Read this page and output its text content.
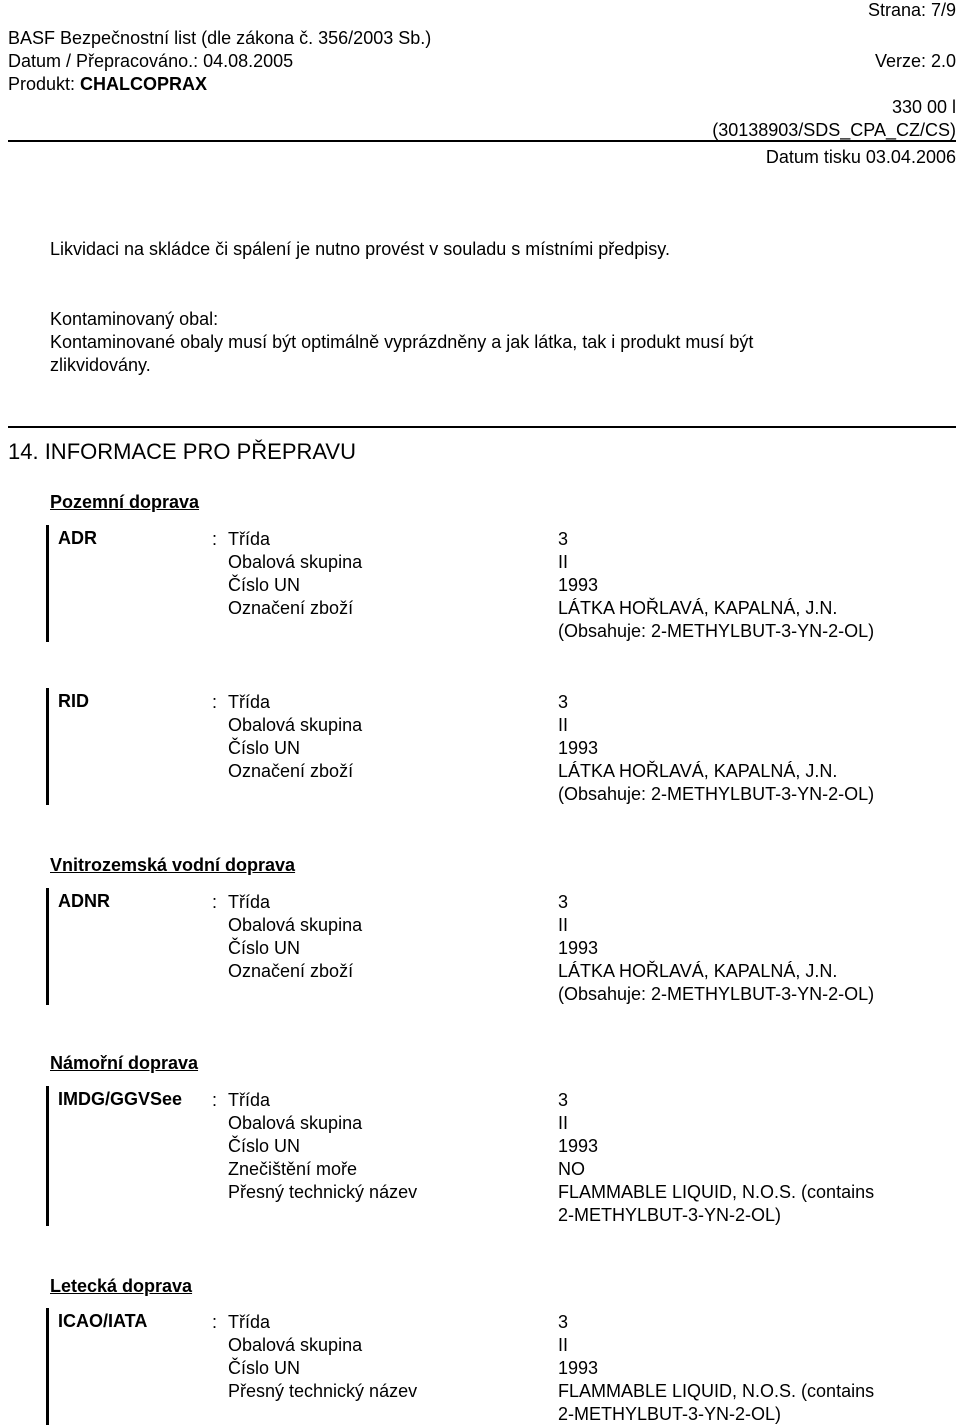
Strana: 7/9
BASF Bezpečnostní list (dle zákona č. 356/2003 Sb.)
Datum / Přepracováno.: 04.08.2005	Verze: 2.0
Produkt: CHALCOPRAX
330 00 l
(30138903/SDS_CPA_CZ/CS)
Datum tisku 03.04.2006
Likvidaci na skládce či spálení je nutno provést v souladu s místními předpisy.
Kontaminovaný obal:
Kontaminované obaly musí být optimálně vyprázdněny a jak látka, tak i produkt musí být
zlikvidovány.
14. INFORMACE PRO PŘEPRAVU
Pozemní doprava
ADR	: Třída	3
Obalová skupina	II
Číslo UN	1993
Označení zboží	LÁTKA HOŘLAVÁ, KAPALNÁ, J.N.
(Obsahuje: 2-METHYLBUT-3-YN-2-OL)
RID	: Třída	3
Obalová skupina	II
Číslo UN	1993
Označení zboží	LÁTKA HOŘLAVÁ, KAPALNÁ, J.N.
(Obsahuje: 2-METHYLBUT-3-YN-2-OL)
Vnitrozemská vodní doprava
ADNR	: Třída	3
Obalová skupina	II
Číslo UN	1993
Označení zboží	LÁTKA HOŘLAVÁ, KAPALNÁ, J.N.
(Obsahuje: 2-METHYLBUT-3-YN-2-OL)
Námořní doprava
IMDG/GGVSee : Třída	3
Obalová skupina	II
Číslo UN	1993
Znečištění moře	NO
Přesný technický název	FLAMMABLE LIQUID, N.O.S. (contains
2-METHYLBUT-3-YN-2-OL)
Letecká doprava
ICAO/IATA	: Třída	3
Obalová skupina	II
Číslo UN	1993
Přesný technický název	FLAMMABLE LIQUID, N.O.S. (contains
2-METHYLBUT-3-YN-2-OL)
